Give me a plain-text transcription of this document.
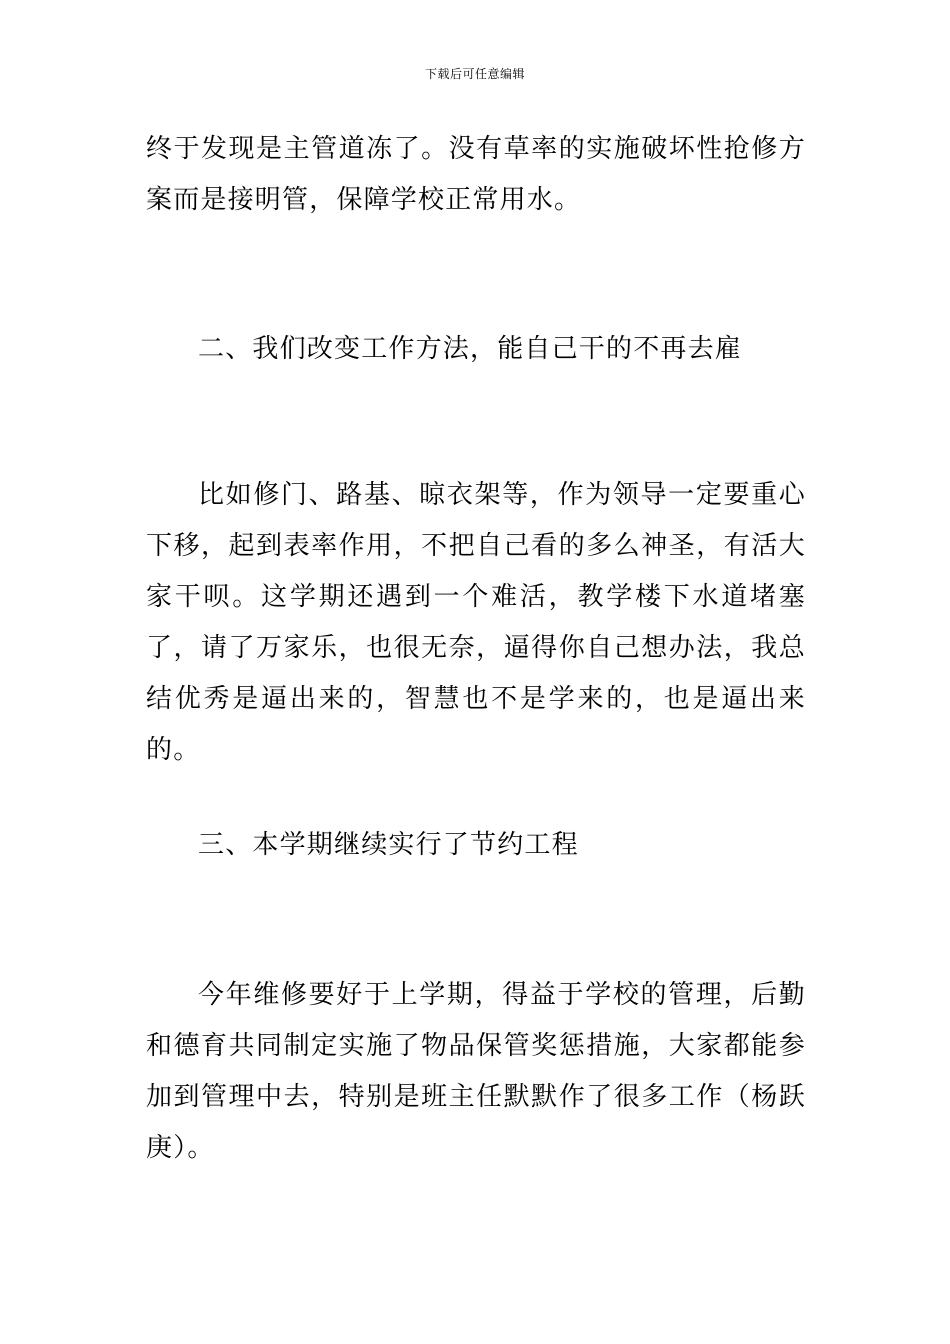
下载后可任意编辑

终于发现是主管道冻了。没有草率的实施破坏性抢修方案而是接明管，保障学校正常用水。

二、我们改变工作方法，能自己干的不再去雇

比如修门、路基、晾衣架等，作为领导一定要重心下移，起到表率作用，不把自己看的多么神圣，有活大家干呗。这学期还遇到一个难活，教学楼下水道堵塞了，请了万家乐，也很无奈，逼得你自己想办法，我总结优秀是逼出来的，智慧也不是学来的，也是逼出来的。

三、本学期继续实行了节约工程

今年维修要好于上学期，得益于学校的管理，后勤和德育共同制定实施了物品保管奖惩措施，大家都能参加到管理中去，特别是班主任默默作了很多工作（杨跃庚）。
